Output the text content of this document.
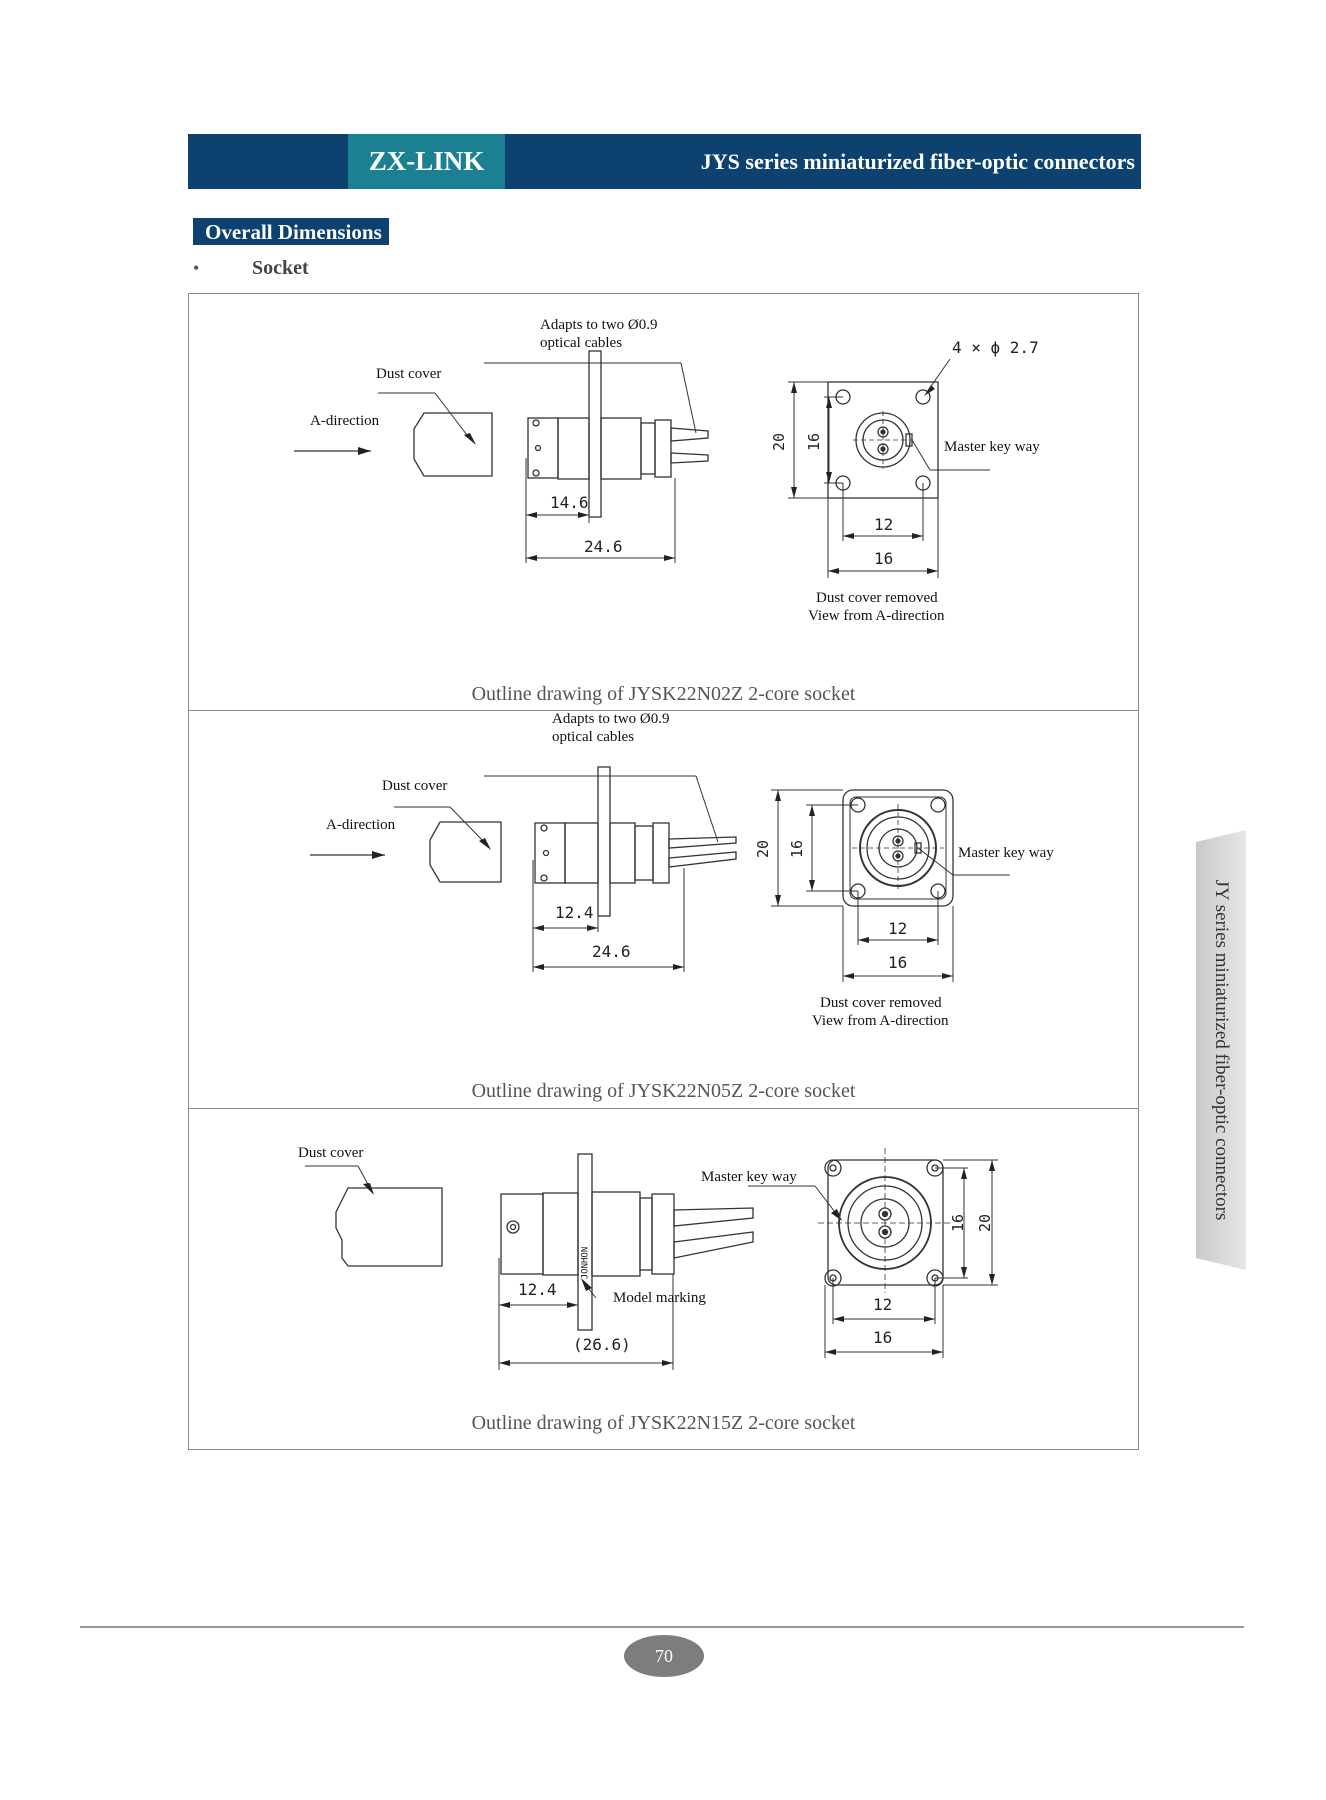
ZX-LINK	JYS series miniaturized fiber-optic connectors
Overall Dimensions
•	Socket
Adapts to two Ø0.9
optical cables
Dust cover
A-direction
4 × ϕ 2.7
Master key way
14.6
24.6
20 16
12
16
Dust cover removed
View from A-direction
Outline drawing of JYSK22N02Z 2-core socket
Adapts to two Ø0.9
optical cables
Dust cover
A-direction
Master key way
12.4
24.6
20 16
12
16
Dust cover removed
View from A-direction
Outline drawing of JYSK22N05Z 2-core socket
Dust cover
Master key way
JONHON
Model marking
12.4
(26.6)
16 20
12
16
Outline drawing of JYSK22N15Z 2-core socket
JY series miniaturized fiber-optic connectors
70
